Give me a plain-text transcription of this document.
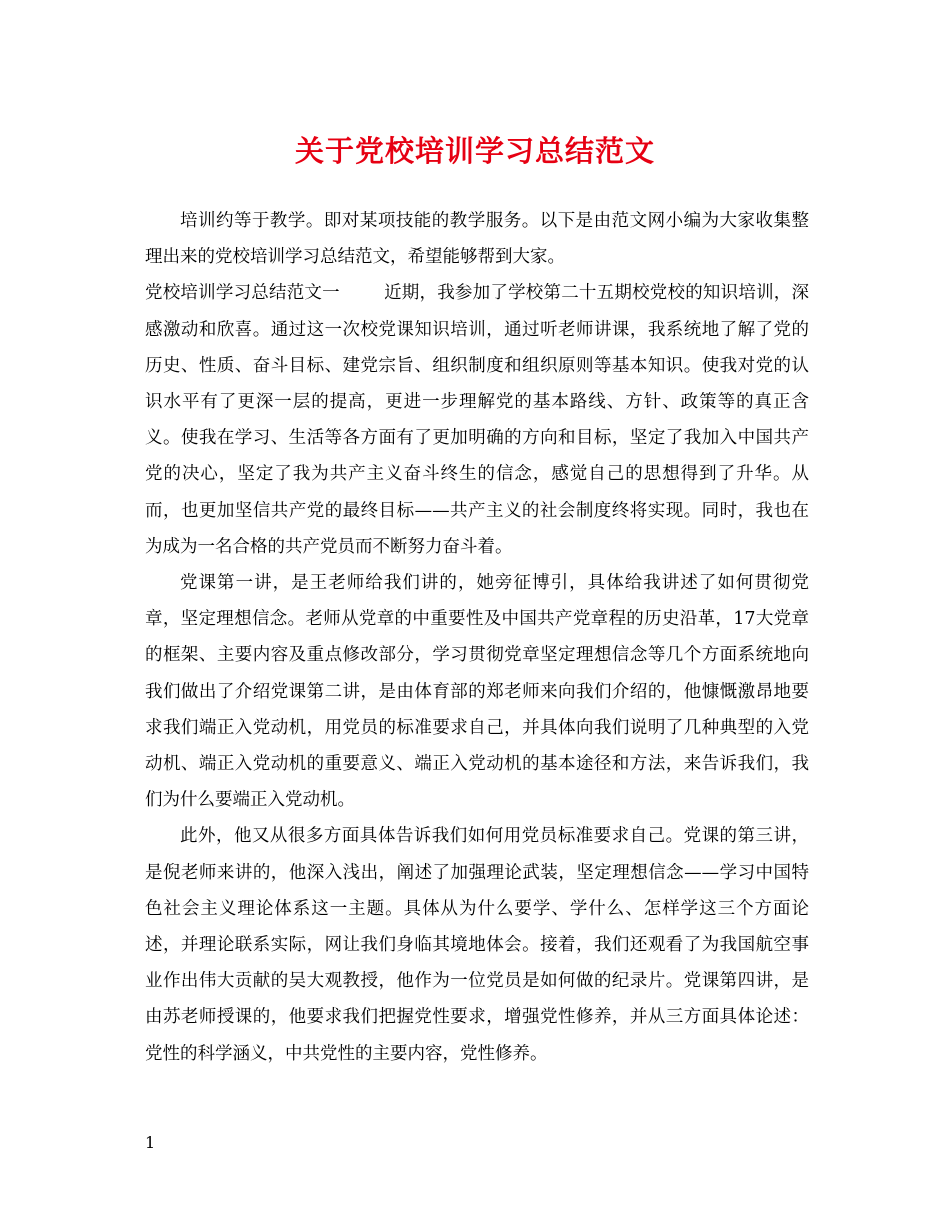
关于党校培训学习总结范文

培训约等于教学。即对某项技能的教学服务。以下是由范文网小编为大家收集整理出来的党校培训学习总结范文，希望能够帮到大家。

党校培训学习总结范文一	近期，我参加了学校第二十五期校党校的知识培训，深感激动和欣喜。通过这一次校党课知识培训，通过听老师讲课，我系统地了解了党的历史、性质、奋斗目标、建党宗旨、组织制度和组织原则等基本知识。使我对党的认识水平有了更深一层的提高，更进一步理解党的基本路线、方针、政策等的真正含义。使我在学习、生活等各方面有了更加明确的方向和目标，坚定了我加入中国共产党的决心，坚定了我为共产主义奋斗终生的信念，感觉自己的思想得到了升华。从而，也更加坚信共产党的最终目标——共产主义的社会制度终将实现。同时，我也在为成为一名合格的共产党员而不断努力奋斗着。

党课第一讲，是王老师给我们讲的，她旁征博引，具体给我讲述了如何贯彻党章，坚定理想信念。老师从党章的中重要性及中国共产党章程的历史沿革，17大党章的框架、主要内容及重点修改部分，学习贯彻党章坚定理想信念等几个方面系统地向我们做出了介绍党课第二讲，是由体育部的郑老师来向我们介绍的，他慷慨激昂地要求我们端正入党动机，用党员的标准要求自己，并具体向我们说明了几种典型的入党动机、端正入党动机的重要意义、端正入党动机的基本途径和方法，来告诉我们，我们为什么要端正入党动机。

此外，他又从很多方面具体告诉我们如何用党员标准要求自己。党课的第三讲，是倪老师来讲的，他深入浅出，阐述了加强理论武装，坚定理想信念——学习中国特色社会主义理论体系这一主题。具体从为什么要学、学什么、怎样学这三个方面论述，并理论联系实际，网让我们身临其境地体会。接着，我们还观看了为我国航空事业作出伟大贡献的吴大观教授，他作为一位党员是如何做的纪录片。党课第四讲，是由苏老师授课的，他要求我们把握党性要求，增强党性修养，并从三方面具体论述：党性的科学涵义，中共党性的主要内容，党性修养。

1
